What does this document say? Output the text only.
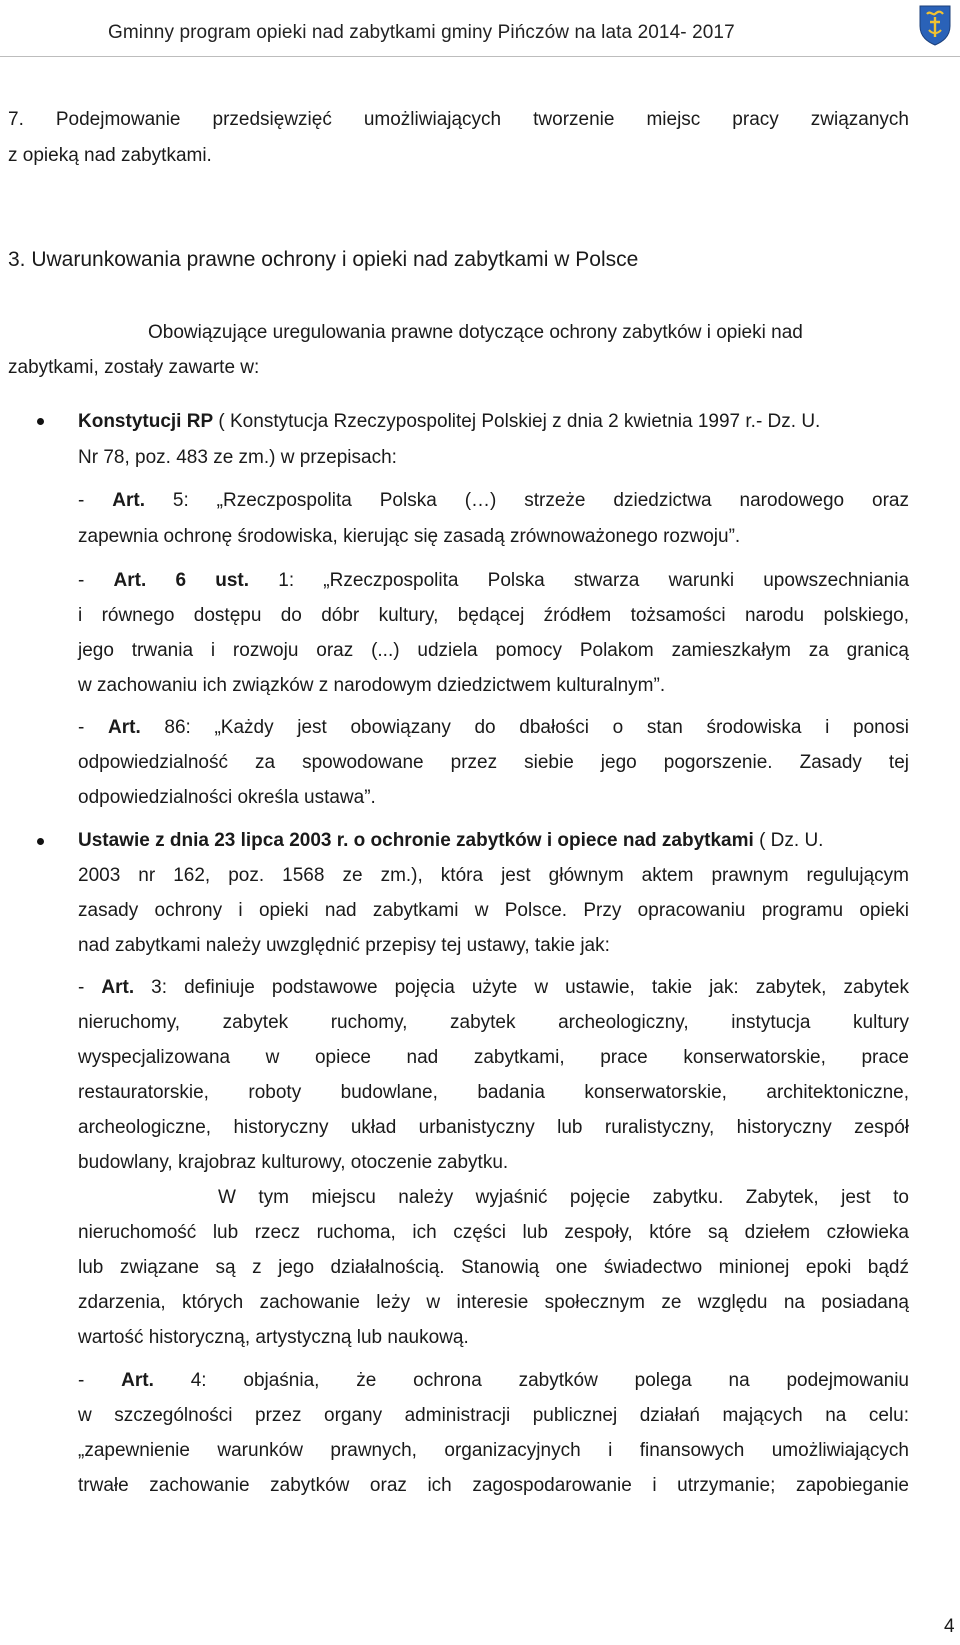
Gminny program opieki nad zabytkami gminy Pińczów na lata 2014- 2017
7. Podejmowanie przedsięwzięć umożliwiających tworzenie miejsc pracy związanych
z opieką nad zabytkami.
3. Uwarunkowania prawne ochrony i opieki nad zabytkami w Polsce
Obowiązujące uregulowania prawne dotyczące ochrony zabytków i opieki nad
zabytkami, zostały zawarte w:
Konstytucji RP ( Konstytucja Rzeczypospolitej Polskiej z dnia 2 kwietnia 1997 r.- Dz. U.
Nr 78, poz. 483 ze zm.) w przepisach:
- Art. 5: „Rzeczpospolita Polska (…) strzeże dziedzictwa narodowego oraz
zapewnia ochronę środowiska, kierując się zasadą zrównoważonego rozwoju”.
- Art. 6 ust. 1: „Rzeczpospolita Polska stwarza warunki upowszechniania
i równego dostępu do dóbr kultury, będącej źródłem tożsamości narodu polskiego,
jego trwania i rozwoju oraz (...) udziela pomocy Polakom zamieszkałym za granicą
w zachowaniu ich związków z narodowym dziedzictwem kulturalnym”.
- Art. 86: „Każdy jest obowiązany do dbałości o stan środowiska i ponosi
odpowiedzialność za spowodowane przez siebie jego pogorszenie. Zasady tej
odpowiedzialności określa ustawa”.
Ustawie z dnia 23 lipca 2003 r. o ochronie zabytków i opiece nad zabytkami ( Dz. U.
2003 nr 162, poz. 1568 ze zm.), która jest głównym aktem prawnym regulującym
zasady ochrony i opieki nad zabytkami w Polsce. Przy opracowaniu programu opieki
nad zabytkami należy uwzględnić przepisy tej ustawy, takie jak:
- Art. 3: definiuje podstawowe pojęcia użyte w ustawie, takie jak: zabytek, zabytek
nieruchomy, zabytek ruchomy, zabytek archeologiczny, instytucja kultury
wyspecjalizowana w opiece nad zabytkami, prace konserwatorskie, prace
restauratorskie, roboty budowlane, badania konserwatorskie, architektoniczne,
archeologiczne, historyczny układ urbanistyczny lub ruralistyczny, historyczny zespół
budowlany, krajobraz kulturowy, otoczenie zabytku.
W tym miejscu należy wyjaśnić pojęcie zabytku. Zabytek, jest to
nieruchomość lub rzecz ruchoma, ich części lub zespoły, które są dziełem człowieka
lub związane są z jego działalnością. Stanowią one świadectwo minionej epoki bądź
zdarzenia, których zachowanie leży w interesie społecznym ze względu na posiadaną
wartość historyczną, artystyczną lub naukową.
- Art. 4: objaśnia, że ochrona zabytków polega na podejmowaniu
w szczególności przez organy administracji publicznej działań mających na celu:
„zapewnienie warunków prawnych, organizacyjnych i finansowych umożliwiających
trwałe zachowanie zabytków oraz ich zagospodarowanie i utrzymanie; zapobieganie
4
